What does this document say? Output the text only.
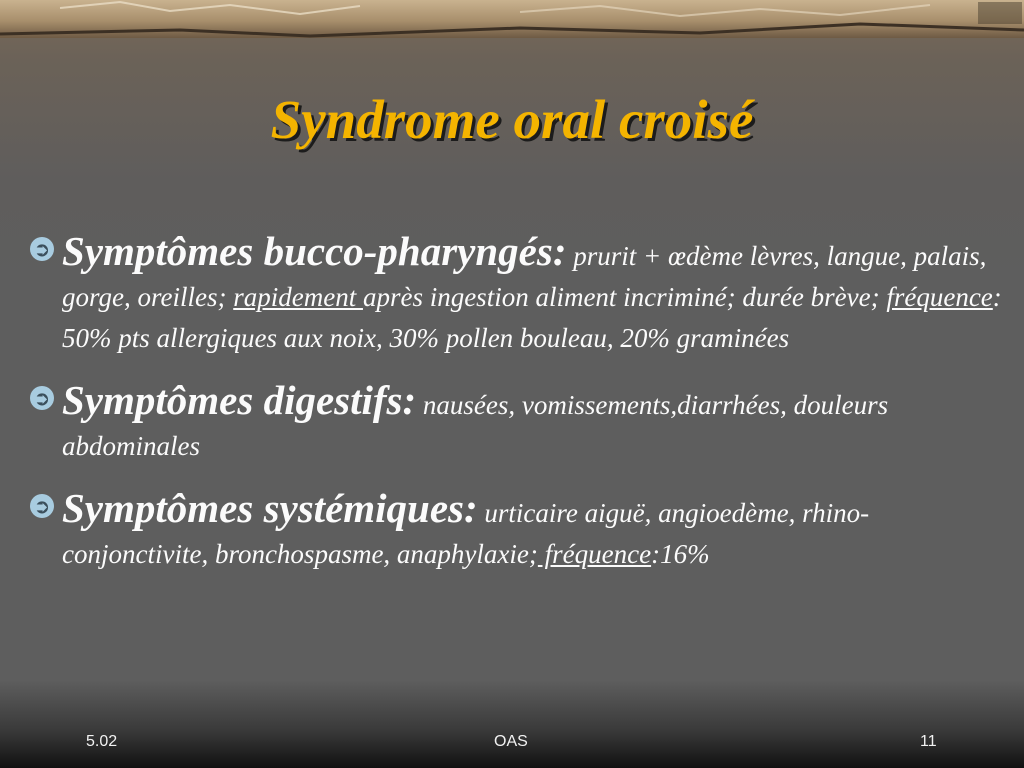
Syndrome oral croisé
➲ Symptômes bucco-pharyngés: prurit + œdème lèvres, langue, palais, gorge, oreilles; rapidement après ingestion aliment incriminé; durée brève; fréquence: 50% pts allergiques aux noix, 30% pollen bouleau, 20% graminées
➲ Symptômes digestifs: nausées, vomissements,diarrhées, douleurs abdominales
➲ Symptômes systémiques: urticaire aiguë, angioedème, rhino-conjonctivite, bronchospasme, anaphylaxie; fréquence:16%
5.02	OAS	11
